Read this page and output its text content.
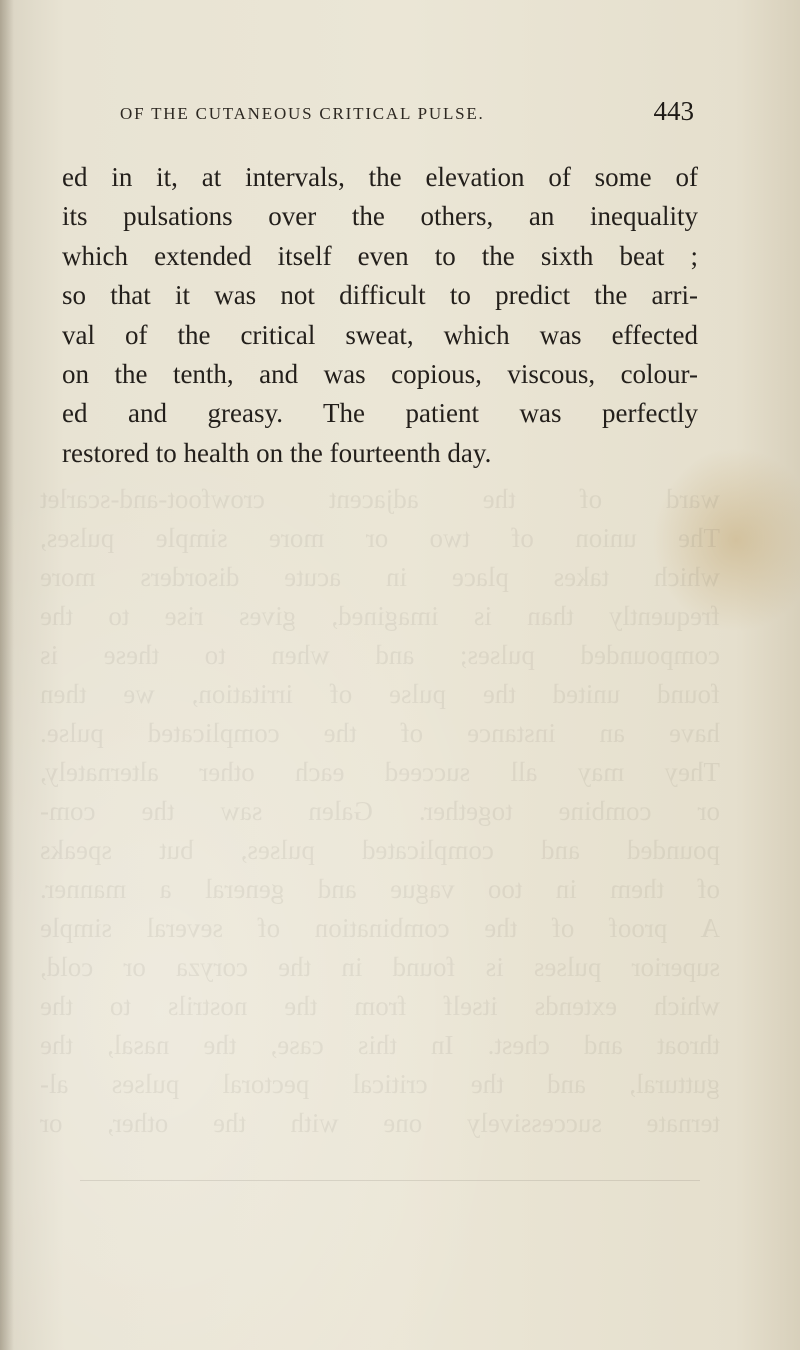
ward of the adjacent crowfoot-and-scarlet
The union of two or more simple pulses,
which takes place in acute disorders more
frequently than is imagined, gives rise to the
compounded pulses; and when to these is
found united the pulse of irritation, we then
have an instance of the complicated pulse.
They may all succeed each other alternately,
or combine together. Galen saw the com-
pounded and complicated pulses, but speaks
of them in too vague and general a manner.
A proof of the combination of several simple
superior pulses is found in the coryza or cold,
which extends itself from the nostrils to the
throat and chest. In this case, the nasal, the
guttural, and the critical pectoral pulses al-
ternate successively one with the other, or
OF THE CUTANEOUS CRITICAL PULSE.	443
ed in it, at intervals, the elevation of some of
its pulsations over the others, an inequality
which extended itself even to the sixth beat ;
so that it was not difficult to predict the arri-
val of the critical sweat, which was effected
on the tenth, and was copious, viscous, colour-
ed and greasy. The patient was perfectly
restored to health on the fourteenth day.
